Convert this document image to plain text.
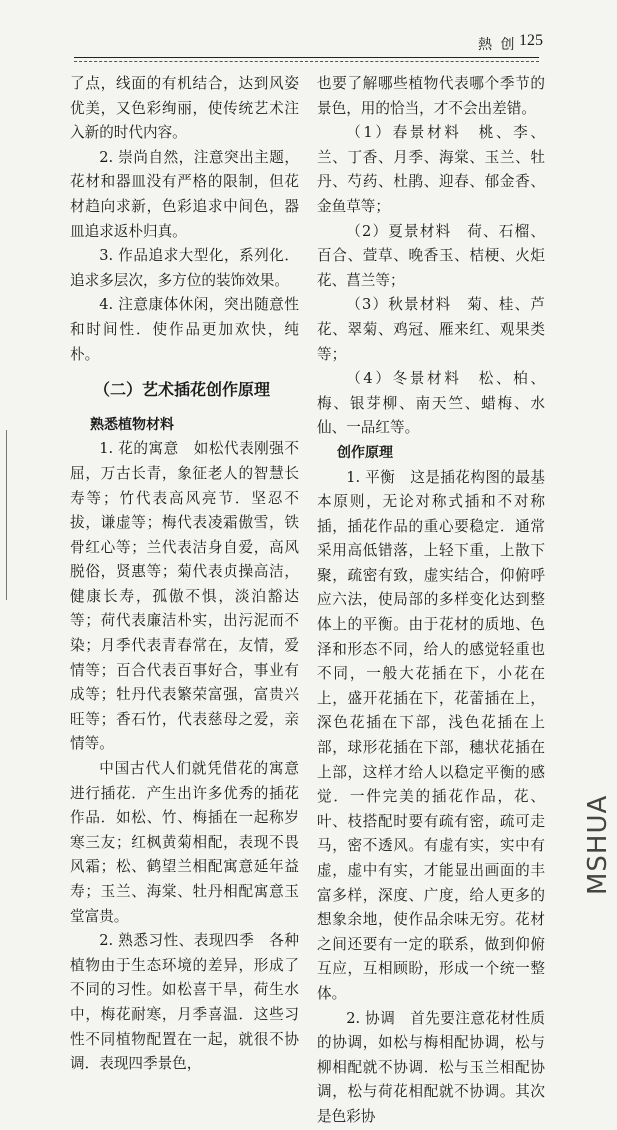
熱 创 125

了点，线面的有机结合，达到风姿优美，又色彩绚丽，使传统艺术注入新的时代内容。

2. 崇尚自然，注意突出主题，花材和器皿没有严格的限制，但花材趋向求新，色彩追求中间色，器皿追求返朴归真。

3. 作品追求大型化，系列化．追求多层次，多方位的装饰效果。

4. 注意康体休闲，突出随意性和时间性．使作品更加欢快，纯朴。

（二）艺术插花创作原理
熟悉植物材料

1. 花的寓意　如松代表刚强不屈，万古长青，象征老人的智慧长寿等；竹代表高风亮节．坚忍不拔，谦虚等；梅代表凌霜傲雪，铁骨红心等；兰代表洁身自爱，高风脱俗，贤惠等；菊代表贞操高洁，健康长寿，孤傲不惧，淡泊豁达等；荷代表廉洁朴实，出污泥而不染；月季代表青春常在，友情，爱情等；百合代表百事好合，事业有成等；牡丹代表繁荣富强，富贵兴旺等；香石竹，代表慈母之爱，亲情等。

中国古代人们就凭借花的寓意进行插花．产生出许多优秀的插花作品．如松、竹、梅插在一起称岁寒三友；红枫黄菊相配，表现不畏风霜；松、鹤望兰相配寓意延年益寿；玉兰、海棠、牡丹相配寓意玉堂富贵。

2. 熟悉习性、表现四季　各种植物由于生态环境的差异，形成了不同的习性。如松喜干旱，荷生水中，梅花耐寒，月季喜温．这些习性不同植物配置在一起，就很不协调．表现四季景色，

也要了解哪些植物代表哪个季节的景色，用的恰当，才不会出差错。

（1）春景材料　桃、李、兰、丁香、月季、海棠、玉兰、牡丹、芍药、杜鹃、迎春、郁金香、金鱼草等；

（2）夏景材料　荷、石榴、百合、萱草、晚香玉、桔梗、火炬花、菖兰等；

（3）秋景材料　菊、桂、芦花、翠菊、鸡冠、雁来红、观果类等；

（4）冬景材料　松、柏、梅、银芽柳、南天竺、蜡梅、水仙、一品红等。

创作原理

1. 平衡　这是插花构图的最基本原则，无论对称式插和不对称插，插花作品的重心要稳定．通常采用高低错落，上轻下重，上散下聚，疏密有致，虚实结合，仰俯呼应六法，使局部的多样变化达到整体上的平衡。由于花材的质地、色泽和形态不同，给人的感觉轻重也不同，一般大花插在下，小花在上，盛开花插在下，花蕾插在上，深色花插在下部，浅色花插在上部，球形花插在下部，穗状花插在上部，这样才给人以稳定平衡的感觉．一件完美的插花作品，花、叶、枝搭配时要有疏有密，疏可走马，密不透风。有虚有实，实中有虚，虚中有实，才能显出画面的丰富多样，深度、广度，给人更多的想象余地，使作品余味无穷。花材之间还要有一定的联系，做到仰俯互应，互相顾盼，形成一个统一整体。

2. 协调　首先要注意花材性质的协调，如松与梅相配协调，松与柳相配就不协调．松与玉兰相配协调，松与荷花相配就不协调。其次是色彩协

MSHUA
